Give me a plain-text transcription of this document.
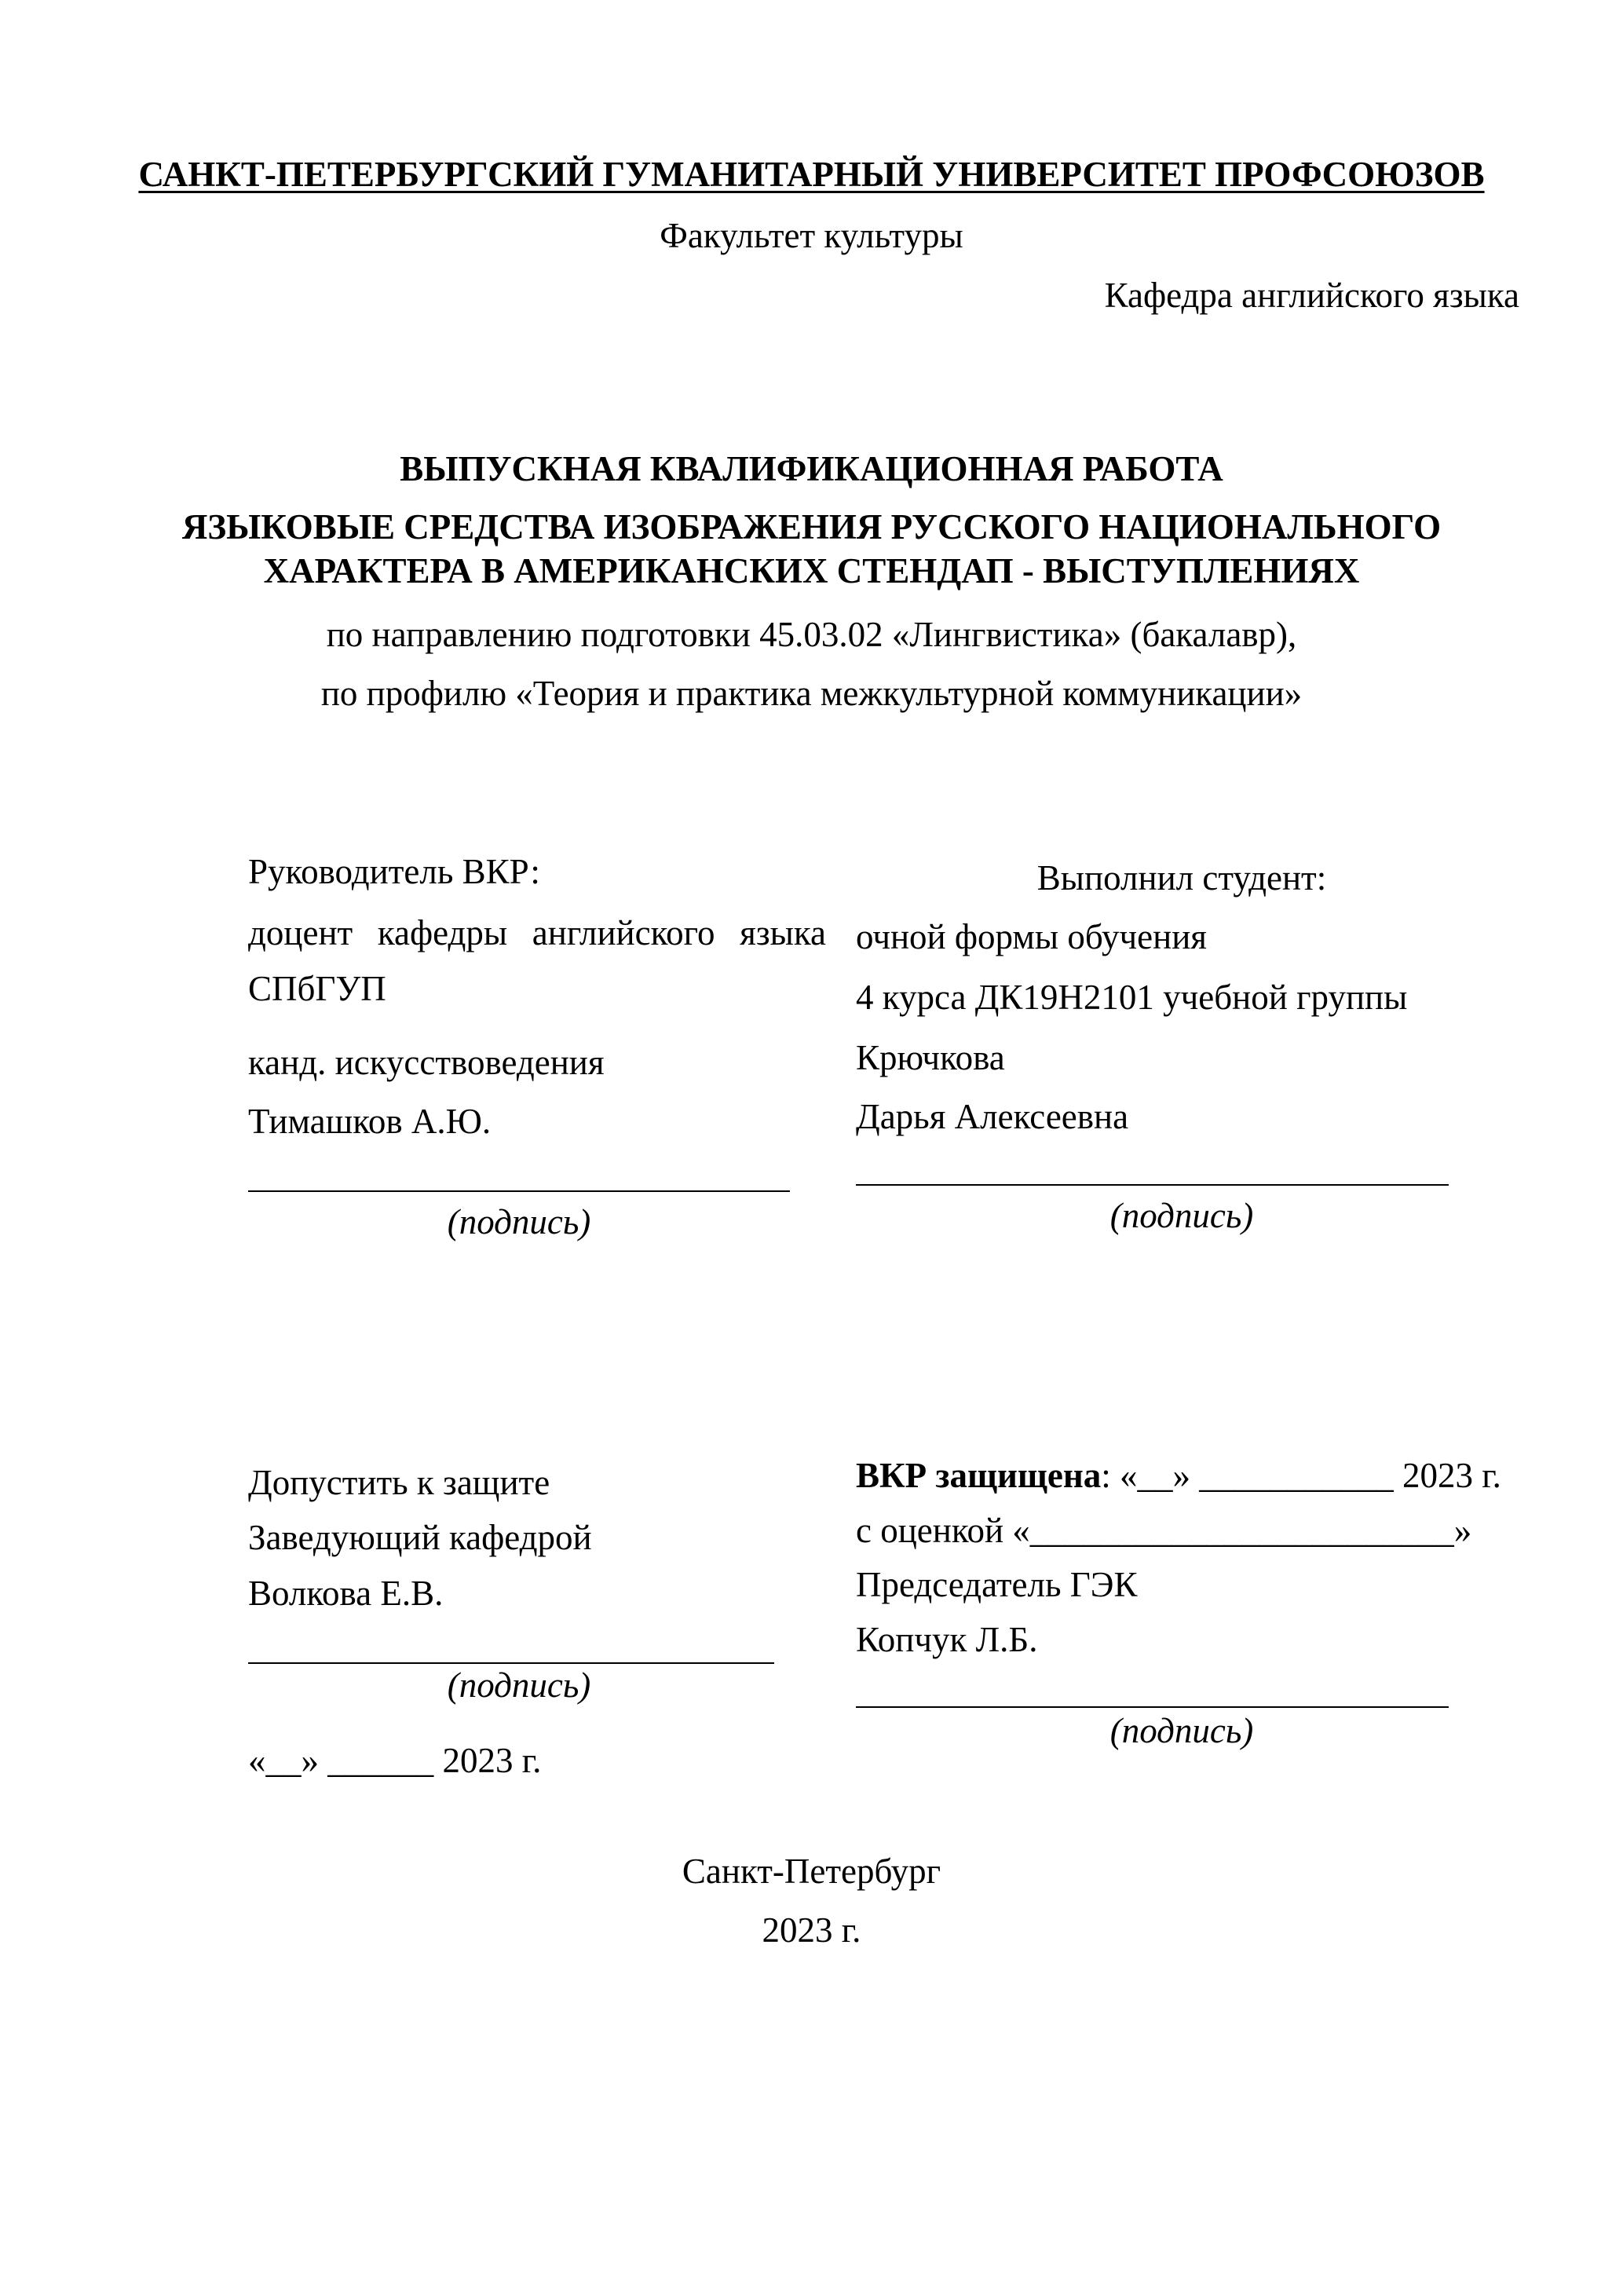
САНКТ-ПЕТЕРБУРГСКИЙ ГУМАНИТАРНЫЙ УНИВЕРСИТЕТ ПРОФСОЮЗОВ
Факультет культуры
Кафедра английского языка
ВЫПУСКНАЯ КВАЛИФИКАЦИОННАЯ РАБОТА
ЯЗЫКОВЫЕ СРЕДСТВА ИЗОБРАЖЕНИЯ РУССКОГО НАЦИОНАЛЬНОГО
ХАРАКТЕРА В АМЕРИКАНСКИХ СТЕНДАП - ВЫСТУПЛЕНИЯХ
по направлению подготовки 45.03.02 «Лингвистика» (бакалавр),
по профилю «Теория и практика межкультурной коммуникации»
Руководитель ВКР:
доцент кафедры английского языка
СПбГУП
канд. искусствоведения
Тимашков А.Ю.
(подпись)
Выполнил студент:
очной формы обучения
4 курса ДК19Н2101 учебной группы
Крючкова
Дарья Алексеевна
(подпись)
Допустить к защите
Заведующий кафедрой
Волкова Е.В.
(подпись)
«__» ______ 2023 г.
ВКР защищена: «__» ___________ 2023 г.
с оценкой «________________________»
Председатель ГЭК
Копчук Л.Б.
(подпись)
Санкт-Петербург
2023 г.
